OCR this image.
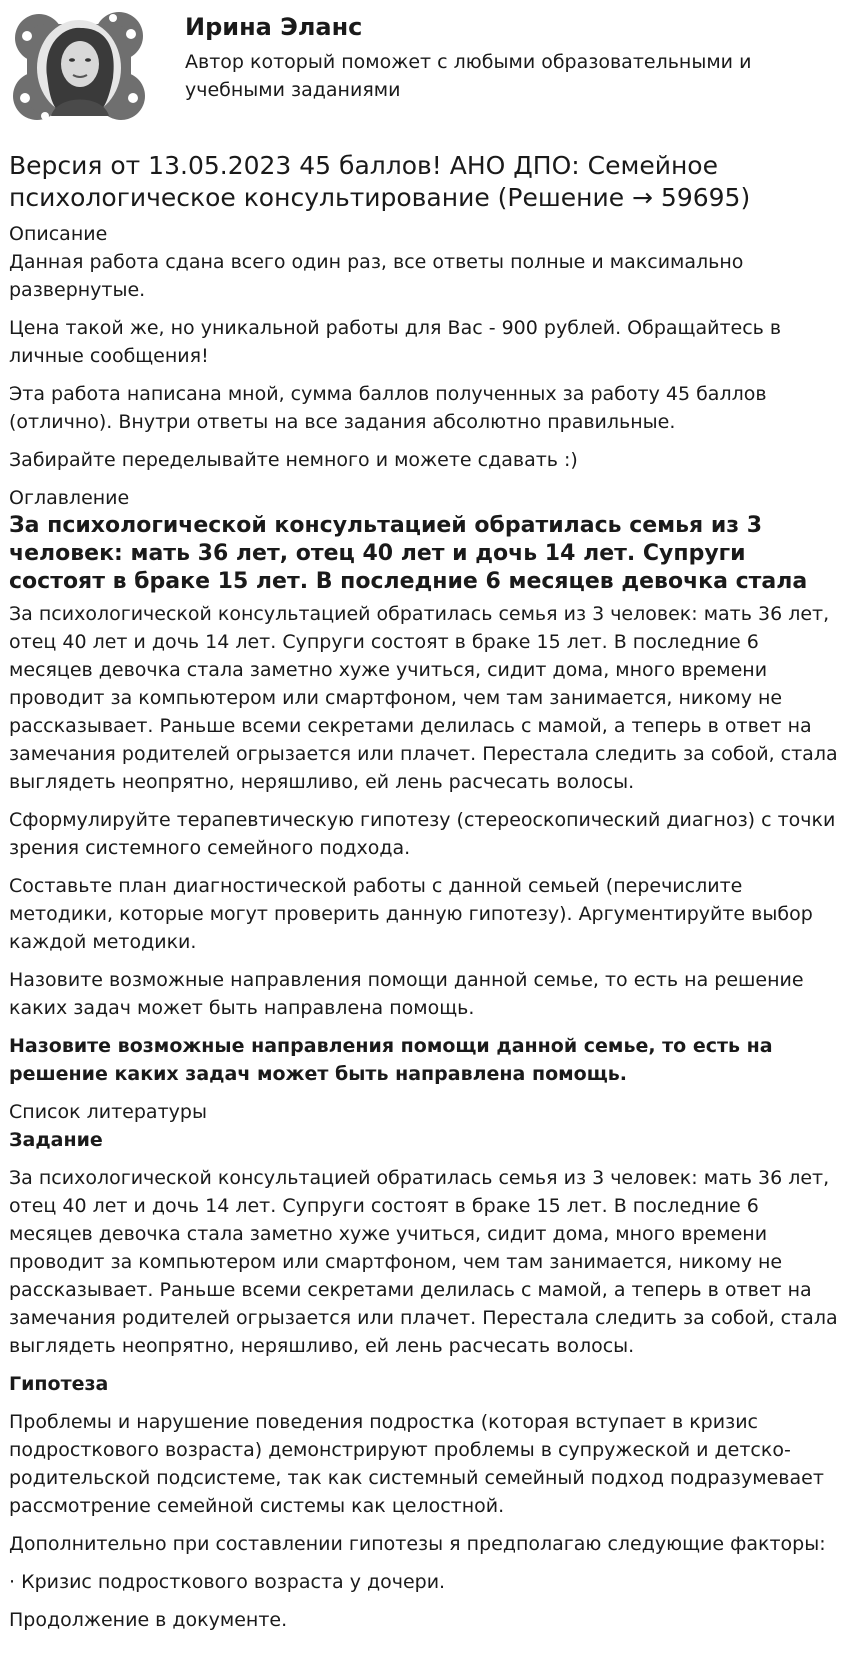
Ирина Эланс
Автор который поможет с любыми образовательными и учебными заданиями
Версия от 13.05.2023 45 баллов! АНО ДПО: Семейное психологическое консультирование (Решение → 59695)
Описание

Данная работа сдана всего один раз, все ответы полные и максимально развернутые.

Цена такой же, но уникальной работы для Вас - 900 рублей. Обращайтесь в личные сообщения!

Эта работа написана мной, сумма баллов полученных за работу 45 баллов (отлично). Внутри ответы на все задания абсолютно правильные.

Забирайте переделывайте немного и можете сдавать :)

Оглавление
За психологической консультацией обратилась семья из 3 человек: мать 36 лет, отец 40 лет и дочь 14 лет. Супруги состоят в браке 15 лет. В последние 6 месяцев девочка стала

За психологической консультацией обратилась семья из 3 человек: мать 36 лет, отец 40 лет и дочь 14 лет. Супруги состоят в браке 15 лет. В последние 6 месяцев девочка стала заметно хуже учиться, сидит дома, много времени проводит за компьютером или смартфоном, чем там занимается, никому не рассказывает. Раньше всеми секретами делилась с мамой, а теперь в ответ на замечания родителей огрызается или плачет. Перестала следить за собой, стала выглядеть неопрятно, неряшливо, ей лень расчесать волосы.

Сформулируйте терапевтическую гипотезу (стереоскопический диагноз) с точки зрения системного семейного подхода.

Составьте план диагностической работы с данной семьей (перечислите методики, которые могут проверить данную гипотезу). Аргументируйте выбор каждой методики.

Назовите возможные направления помощи данной семье, то есть на решение каких задач может быть направлена помощь.

Назовите возможные направления помощи данной семье, то есть на решение каких задач может быть направлена помощь.

Список литературы
Задание

За психологической консультацией обратилась семья из 3 человек: мать 36 лет, отец 40 лет и дочь 14 лет. Супруги состоят в браке 15 лет. В последние 6 месяцев девочка стала заметно хуже учиться, сидит дома, много времени проводит за компьютером или смартфоном, чем там занимается, никому не рассказывает. Раньше всеми секретами делилась с мамой, а теперь в ответ на замечания родителей огрызается или плачет. Перестала следить за собой, стала выглядеть неопрятно, неряшливо, ей лень расчесать волосы.

Гипотеза

Проблемы и нарушение поведения подростка (которая вступает в кризис подросткового возраста) демонстрируют проблемы в супружеской и детско-родительской подсистеме, так как системный семейный подход подразумевает рассмотрение семейной системы как целостной.

Дополнительно при составлении гипотезы я предполагаю следующие факторы:

· Кризис подросткового возраста у дочери.

Продолжение в документе.
